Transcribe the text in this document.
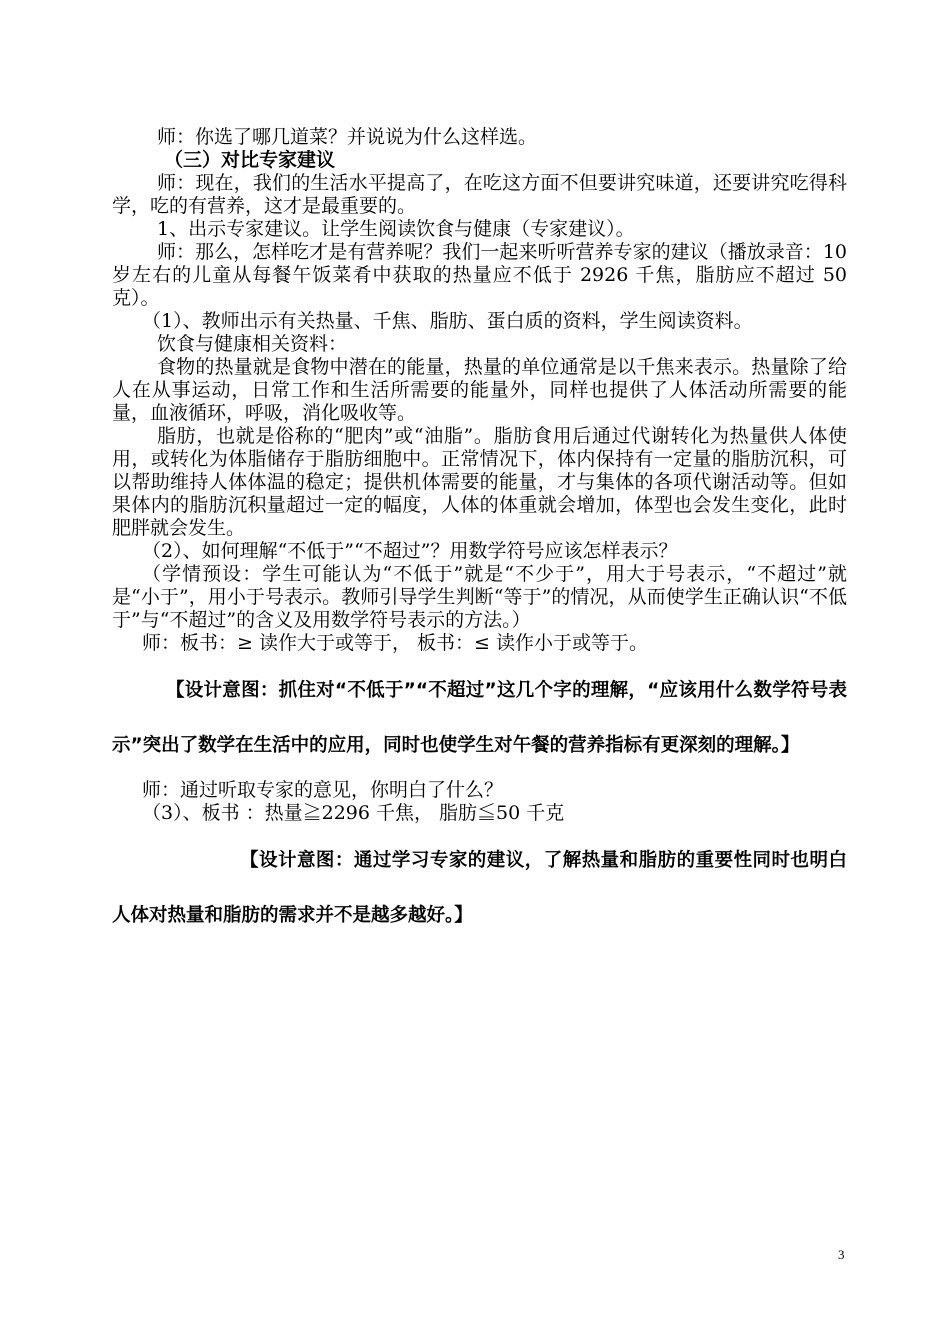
师：你选了哪几道菜？并说说为什么这样选。

（三）对比专家建议

师：现在，我们的生活水平提高了，在吃这方面不但要讲究味道，还要讲究吃得科学，吃的有营养，这才是最重要的。

1、出示专家建议。让学生阅读饮食与健康（专家建议）。

师：那么，怎样吃才是有营养呢？我们一起来听听营养专家的建议（播放录音：10 岁左右的儿童从每餐午饭菜肴中获取的热量应不低于 2926 千焦，脂肪应不超过 50 克）。

（1）、教师出示有关热量、千焦、脂肪、蛋白质的资料，学生阅读资料。

饮食与健康相关资料：

食物的热量就是食物中潜在的能量，热量的单位通常是以千焦来表示。热量除了给人在从事运动，日常工作和生活所需要的能量外，同样也提供了人体活动所需要的能量，血液循环，呼吸，消化吸收等。

脂肪，也就是俗称的“肥肉”或“油脂”。脂肪食用后通过代谢转化为热量供人体使用，或转化为体脂储存于脂肪细胞中。正常情况下，体内保持有一定量的脂肪沉积，可以帮助维持人体体温的稳定；提供机体需要的能量，才与集体的各项代谢活动等。但如果体内的脂肪沉积量超过一定的幅度，人体的体重就会增加，体型也会发生变化，此时肥胖就会发生。

（2）、如何理解“不低于”“不超过”？用数学符号应该怎样表示？

（学情预设：学生可能认为“不低于”就是“不少于”，用大于号表示，“不超过”就是“小于”，用小于号表示。教师引导学生判断“等于”的情况，从而使学生正确认识“不低于”与“不超过”的含义及用数学符号表示的方法。）

师：板书：≥ 读作大于或等于， 板书：≤ 读作小于或等于。

【设计意图：抓住对“不低于”“不超过”这几个字的理解，“应该用什么数学符号表示”突出了数学在生活中的应用，同时也使学生对午餐的营养指标有更深刻的理解。】

师：通过听取专家的意见，你明白了什么？

（3）、板书 ：热量≧2296 千焦， 脂肪≦50 千克

【设计意图：通过学习专家的建议，了解热量和脂肪的重要性同时也明白人体对热量和脂肪的需求并不是越多越好。】

3
